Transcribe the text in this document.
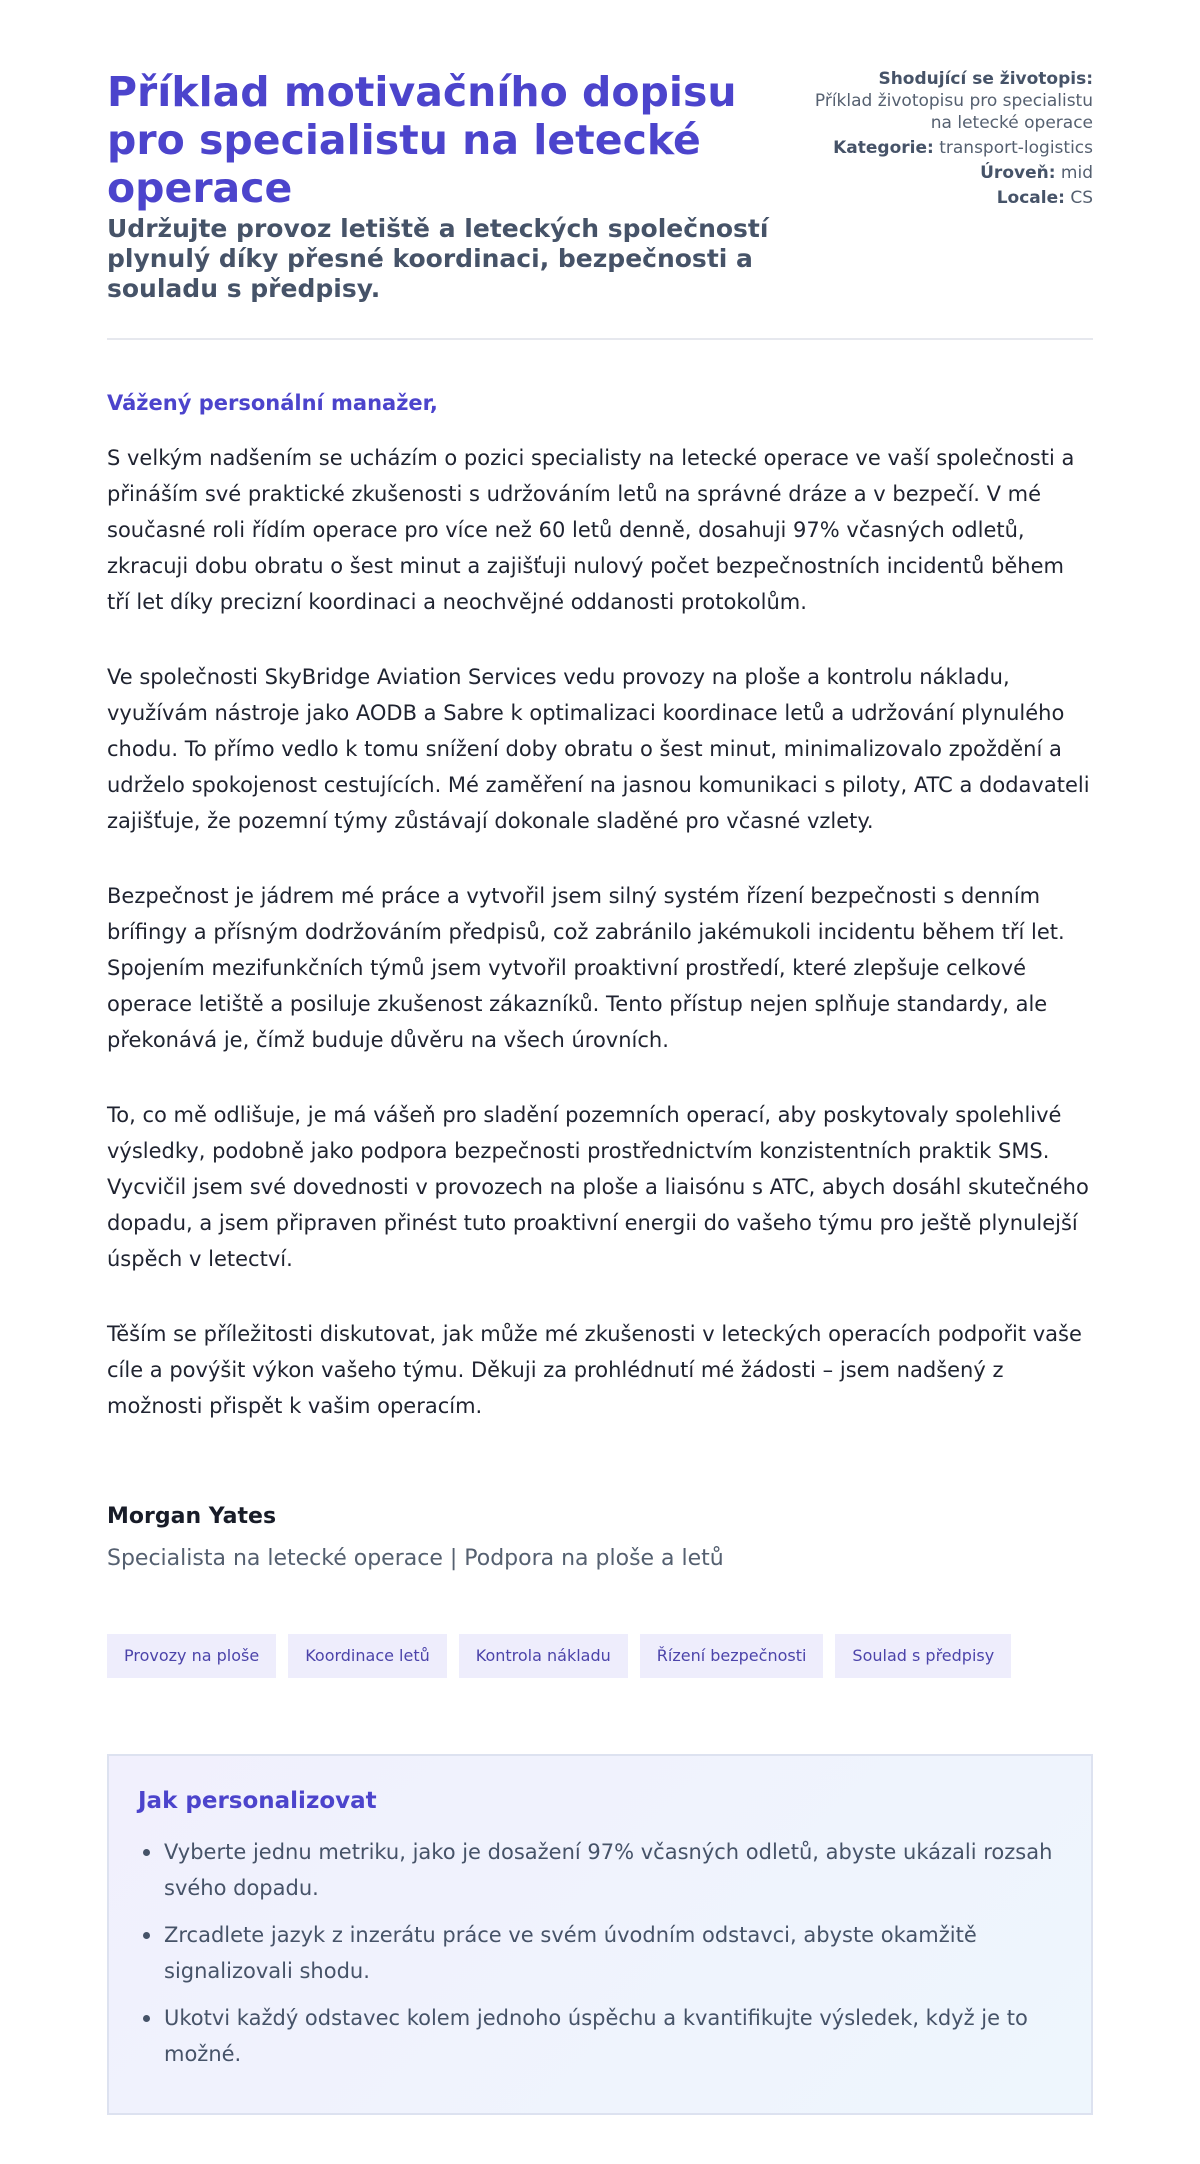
Příklad motivačního dopisu pro specialistu na letecké operace
Udržujte provoz letiště a leteckých společností plynulý díky přesné koordinaci, bezpečnosti a souladu s předpisy.
Shodující se životopis:
Příklad životopisu pro specialistu na letecké operace
Kategorie: transport-logistics
Úroveň: mid
Locale: CS

Vážený personální manažer,

S velkým nadšením se ucházím o pozici specialisty na letecké operace ve vaší společnosti a přináším své praktické zkušenosti s udržováním letů na správné dráze a v bezpečí. V mé současné roli řídím operace pro více než 60 letů denně, dosahuji 97% včasných odletů, zkracuji dobu obratu o šest minut a zajišťuji nulový počet bezpečnostních incidentů během tří let díky precizní koordinaci a neochvějné oddanosti protokolům.

Ve společnosti SkyBridge Aviation Services vedu provozy na ploše a kontrolu nákladu, využívám nástroje jako AODB a Sabre k optimalizaci koordinace letů a udržování plynulého chodu. To přímo vedlo k tomu snížení doby obratu o šest minut, minimalizovalo zpoždění a udrželo spokojenost cestujících. Mé zaměření na jasnou komunikaci s piloty, ATC a dodavateli zajišťuje, že pozemní týmy zůstávají dokonale sladěné pro včasné vzlety.

Bezpečnost je jádrem mé práce a vytvořil jsem silný systém řízení bezpečnosti s denním brífingy a přísným dodržováním předpisů, což zabránilo jakémukoli incidentu během tří let. Spojením mezifunkčních týmů jsem vytvořil proaktivní prostředí, které zlepšuje celkové operace letiště a posiluje zkušenost zákazníků. Tento přístup nejen splňuje standardy, ale překonává je, čímž buduje důvěru na všech úrovních.

To, co mě odlišuje, je má vášeň pro sladění pozemních operací, aby poskytovaly spolehlivé výsledky, podobně jako podpora bezpečnosti prostřednictvím konzistentních praktik SMS. Vycvičil jsem své dovednosti v provozech na ploše a liaisónu s ATC, abych dosáhl skutečného dopadu, a jsem připraven přinést tuto proaktivní energii do vašeho týmu pro ještě plynulejší úspěch v letectví.

Těším se příležitosti diskutovat, jak může mé zkušenosti v leteckých operacích podpořit vaše cíle a povýšit výkon vašeho týmu. Děkuji za prohlédnutí mé žádosti – jsem nadšený z možnosti přispět k vašim operacím.

Morgan Yates

Specialista na letecké operace | Podpora na ploše a letů

Provozy na ploše	Koordinace letů	Kontrola nákladu	Řízení bezpečnosti	Soulad s předpisy
Jak personalizovat
Vyberte jednu metriku, jako je dosažení 97% včasných odletů, abyste ukázali rozsah svého dopadu.
Zrcadlete jazyk z inzerátu práce ve svém úvodním odstavci, abyste okamžitě signalizovali shodu.
Ukotvi každý odstavec kolem jednoho úspěchu a kvantifikujte výsledek, když je to možné.
